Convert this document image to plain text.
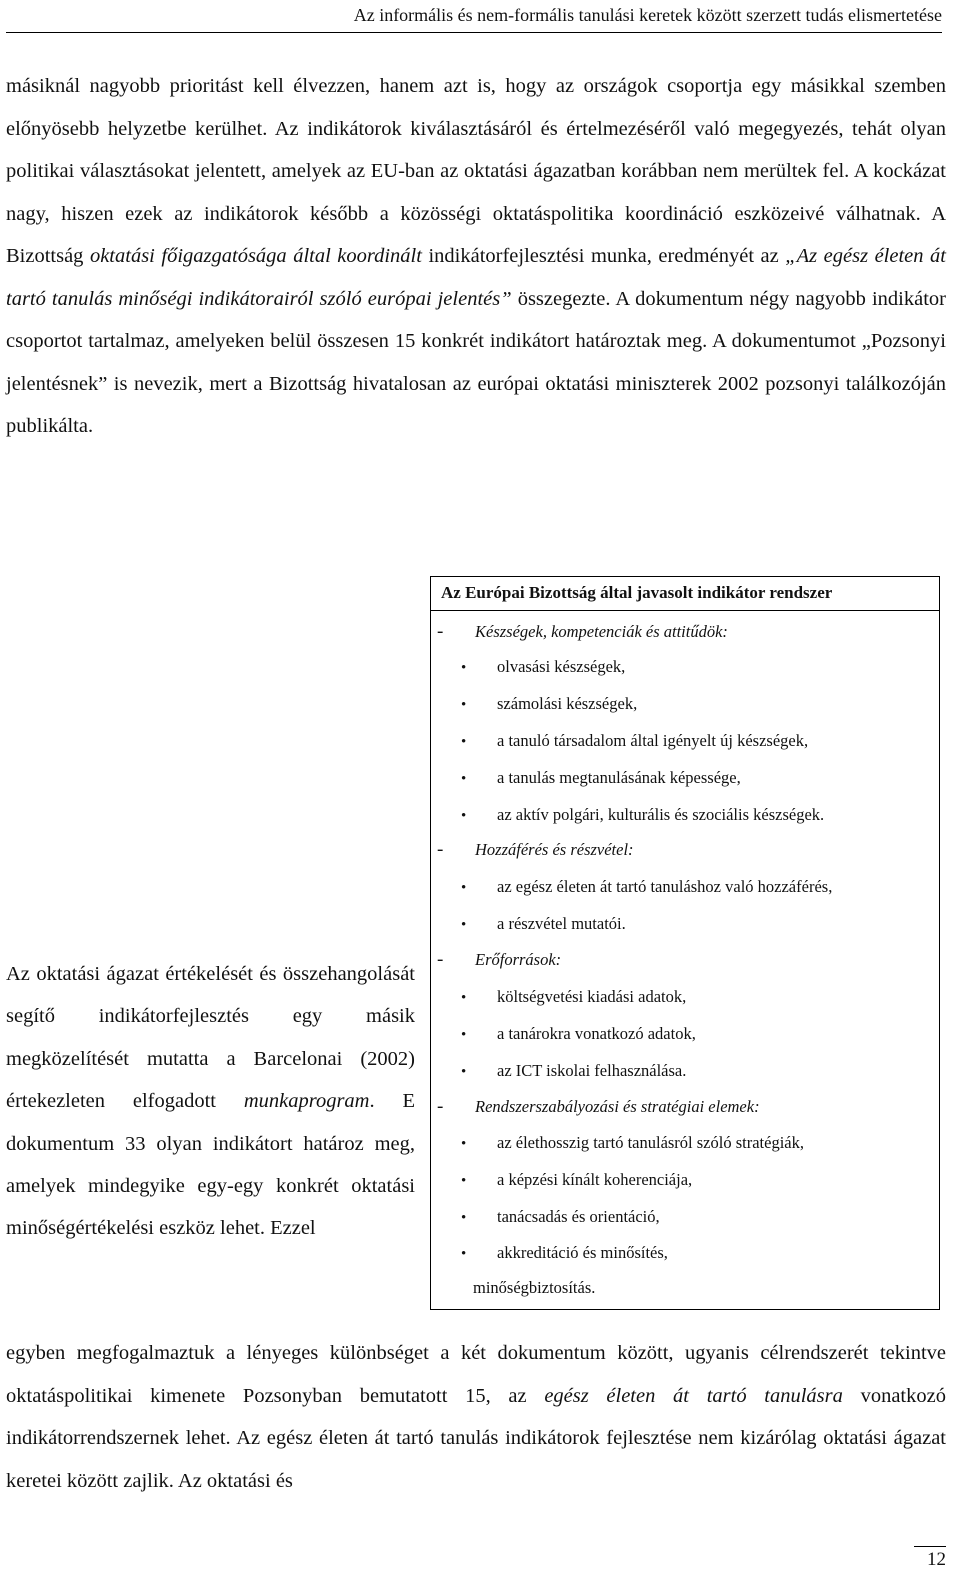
Az informális és nem-formális tanulási keretek között szerzett tudás elismertetése

másiknál nagyobb prioritást kell élvezzen, hanem azt is, hogy az országok csoportja egy másikkal szemben előnyösebb helyzetbe kerülhet. Az indikátorok kiválasztásáról és értelmezéséről való megegyezés, tehát olyan politikai választásokat jelentett, amelyek az EU-ban az oktatási ágazatban korábban nem merültek fel. A kockázat nagy, hiszen ezek az indikátorok később a közösségi oktatáspolitika koordináció eszközeivé válhatnak. A Bizottság oktatási főigazgatósága által koordinált indikátorfejlesztési munka, eredményét az „Az egész életen át tartó tanulás minőségi indikátorairól szóló európai jelentés” összegezte. A dokumentum négy nagyobb indikátor csoportot tartalmaz, amelyeken belül összesen 15 konkrét indikátort határoztak meg. A dokumentumot „Pozsonyi jelentésnek” is nevezik, mert a Bizottság hivatalosan az európai oktatási miniszterek 2002 pozsonyi találkozóján publikálta.

Az Európai Bizottság által javasolt indikátor rendszer
- Készségek, kompetenciák és attitűdök:
• olvasási készségek,
• számolási készségek,
• a tanuló társadalom által igényelt új készségek,
• a tanulás megtanulásának képessége,
• az aktív polgári, kulturális és szociális készségek.
- Hozzáférés és részvétel:
• az egész életen át tartó tanuláshoz való hozzáférés,
• a részvétel mutatói.
- Erőforrások:
• költségvetési kiadási adatok,
• a tanárokra vonatkozó adatok,
• az ICT iskolai felhasználása.
- Rendszerszabályozási és stratégiai elemek:
• az élethosszig tartó tanulásról szóló stratégiák,
• a képzési kínált koherenciája,
• tanácsadás és orientáció,
• akkreditáció és minősítés,
minőségbiztosítás.

Az oktatási ágazat értékelését és összehangolását segítő indikátorfejlesztés egy másik megközelítését mutatta a Barcelonai (2002) értekezleten elfogadott munkaprogram. E dokumentum 33 olyan indikátort határoz meg, amelyek mindegyike egy-egy konkrét oktatási minőségértékelési eszköz lehet. Ezzel

egyben megfogalmaztuk a lényeges különbséget a két dokumentum között, ugyanis célrendszerét tekintve oktatáspolitikai kimenete Pozsonyban bemutatott 15, az egész életen át tartó tanulásra vonatkozó indikátorrendszernek lehet. Az egész életen át tartó tanulás indikátorok fejlesztése nem kizárólag oktatási ágazat keretei között zajlik. Az oktatási és

12
